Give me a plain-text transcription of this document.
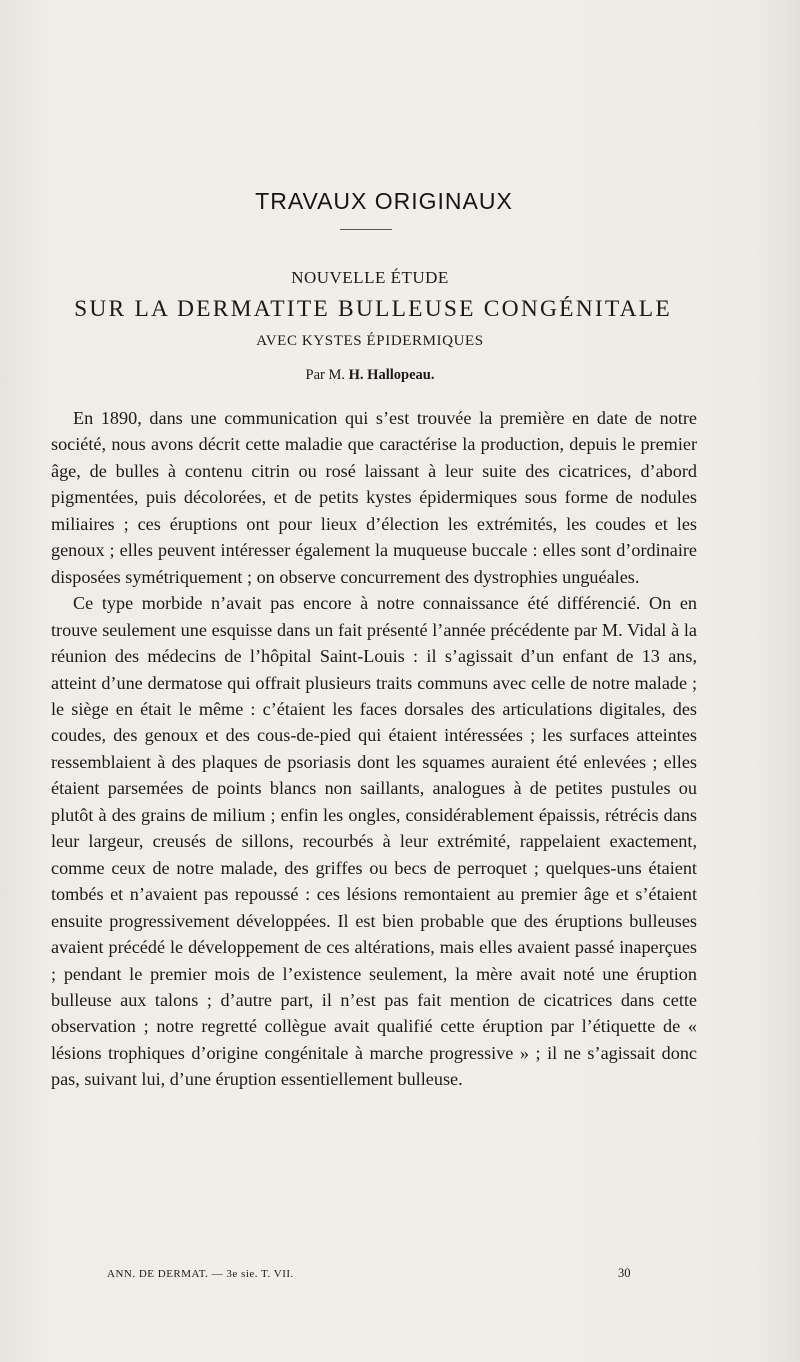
TRAVAUX ORIGINAUX
NOUVELLE ÉTUDE
SUR LA DERMATITE BULLEUSE CONGÉNITALE
AVEC KYSTES ÉPIDERMIQUES
Par M. H. Hallopeau.

En 1890, dans une communication qui s’est trouvée la première en date de notre société, nous avons décrit cette maladie que caractérise la production, depuis le premier âge, de bulles à contenu citrin ou rosé laissant à leur suite des cicatrices, d’abord pigmentées, puis décolorées, et de petits kystes épidermiques sous forme de nodules miliaires ; ces éruptions ont pour lieux d’élection les extrémités, les coudes et les genoux ; elles peuvent intéresser également la muqueuse buccale : elles sont d’ordinaire disposées symétriquement ; on observe concurrement des dystrophies unguéales.

Ce type morbide n’avait pas encore à notre connaissance été différencié. On en trouve seulement une esquisse dans un fait présenté l’année précédente par M. Vidal à la réunion des médecins de l’hôpital Saint-Louis : il s’agissait d’un enfant de 13 ans, atteint d’une dermatose qui offrait plusieurs traits communs avec celle de notre malade ; le siège en était le même : c’étaient les faces dorsales des articulations digitales, des coudes, des genoux et des cous-de-pied qui étaient intéressées ; les surfaces atteintes ressemblaient à des plaques de psoriasis dont les squames auraient été enlevées ; elles étaient parsemées de points blancs non saillants, analogues à de petites pustules ou plutôt à des grains de milium ; enfin les ongles, considérablement épaissis, rétrécis dans leur largeur, creusés de sillons, recourbés à leur extrémité, rappelaient exactement, comme ceux de notre malade, des griffes ou becs de perroquet ; quelques-uns étaient tombés et n’avaient pas repoussé : ces lésions remontaient au premier âge et s’étaient ensuite progressivement développées. Il est bien probable que des éruptions bulleuses avaient précédé le développement de ces altérations, mais elles avaient passé inaperçues ; pendant le premier mois de l’existence seulement, la mère avait noté une éruption bulleuse aux talons ; d’autre part, il n’est pas fait mention de cicatrices dans cette observation ; notre regretté collègue avait qualifié cette éruption par l’étiquette de « lésions trophiques d’origine congénitale à marche progressive » ; il ne s’agissait donc pas, suivant lui, d’une éruption essentiellement bulleuse.

ANN. DE DERMAT. — 3e sie. T. VII.	30
